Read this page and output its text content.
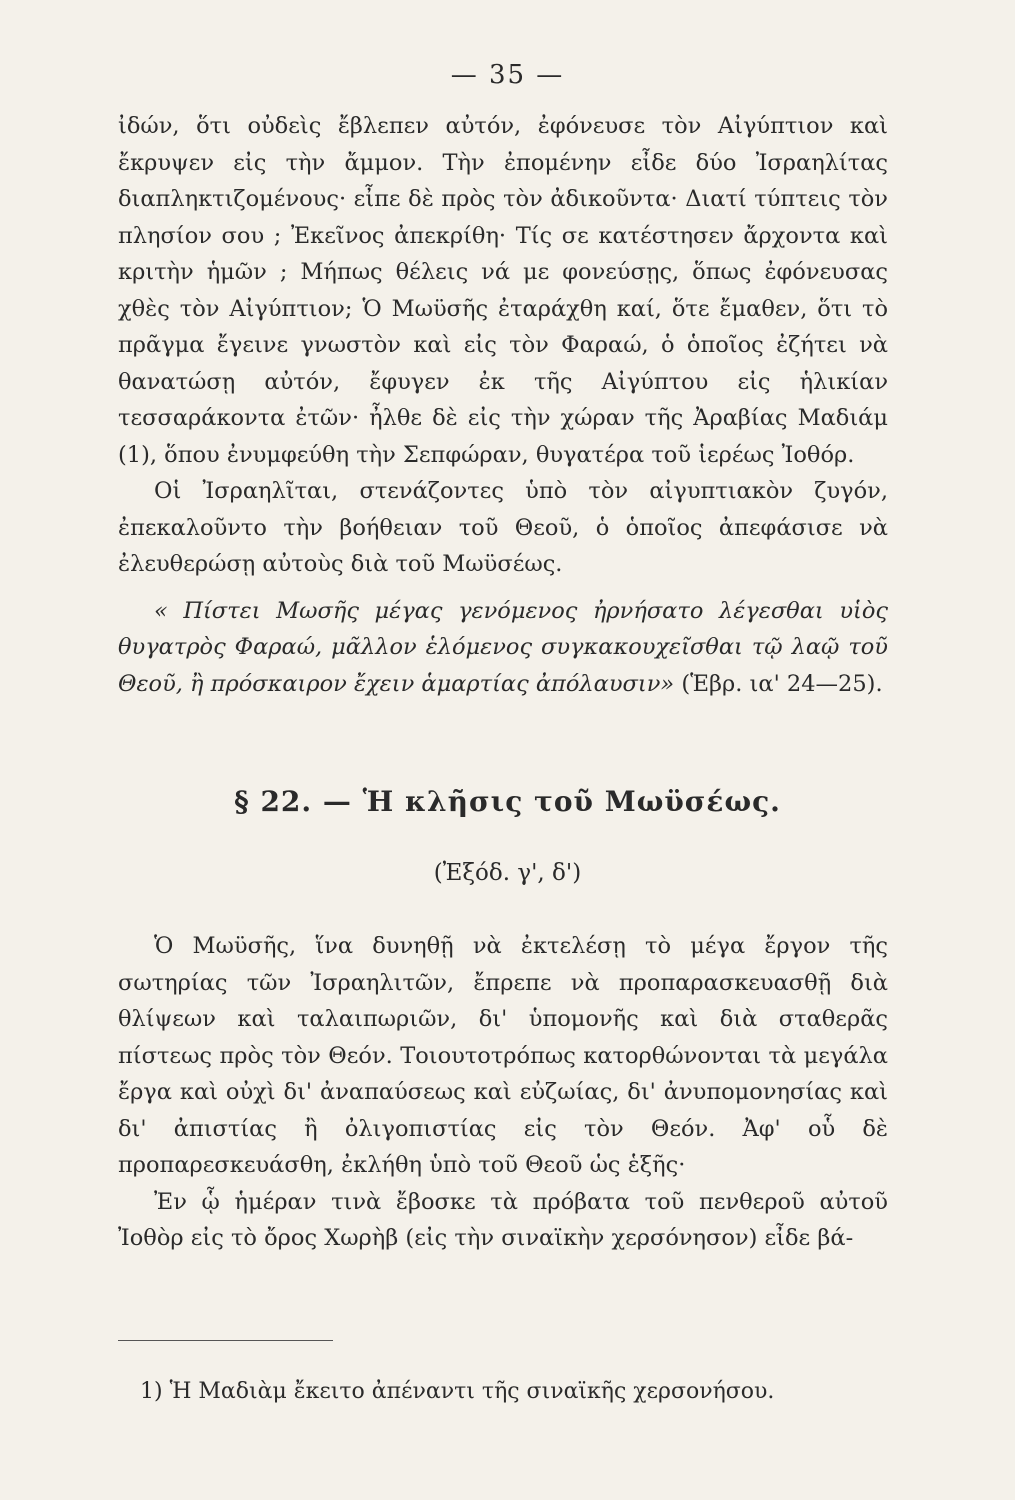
— 35 —

ἰδών, ὅτι οὐδεὶς ἔβλεπεν αὐτόν, ἐφόνευσε τὸν Αἰγύπτιον καὶ ἔκρυψεν εἰς τὴν ἄμμον. Τὴν ἐπομένην εἶδε δύο Ἰσραηλίτας διαπληκτιζομένους· εἶπε δὲ πρὸς τὸν ἀδικοῦντα· Διατί τύπτεις τὸν πλησίον σου ; Ἐκεῖνος ἀπεκρίθη· Τίς σε κατέστησεν ἄρχοντα καὶ κριτὴν ἡμῶν ; Μήπως θέλεις νά με φονεύσῃς, ὅπως ἐφόνευσας χθὲς τὸν Αἰγύπτιον; Ὁ Μωϋσῆς ἐταράχθη καί, ὅτε ἔμαθεν, ὅτι τὸ πρᾶγμα ἔγεινε γνωστὸν καὶ εἰς τὸν Φαραώ, ὁ ὁποῖος ἐζήτει νὰ θανατώσῃ αὐτόν, ἔφυγεν ἐκ τῆς Αἰγύπτου εἰς ἡλικίαν τεσσαράκοντα ἐτῶν· ἦλθε δὲ εἰς τὴν χώραν τῆς Ἀραβίας Μαδιάμ (1), ὅπου ἐνυμφεύθη τὴν Σεπφώραν, θυγατέρα τοῦ ἱερέως Ἰοθόρ.

Οἱ Ἰσραηλῖται, στενάζοντες ὑπὸ τὸν αἰγυπτιακὸν ζυγόν, ἐπεκαλοῦντο τὴν βοήθειαν τοῦ Θεοῦ, ὁ ὁποῖος ἀπεφάσισε νὰ ἐλευθερώσῃ αὐτοὺς διὰ τοῦ Μωϋσέως.

« Πίστει Μωσῆς μέγας γενόμενος ἠρνήσατο λέγεσθαι υἱὸς θυγατρὸς Φαραώ, μᾶλλον ἑλόμενος συγκακουχεῖσθαι τῷ λαῷ τοῦ Θεοῦ, ἢ πρόσκαιρον ἔχειν ἁμαρτίας ἀπόλαυσιν» (Ἑβρ. ια' 24—25).

§ 22. — Ἡ κλῆσις τοῦ Μωϋσέως.
(Ἐξόδ. γ', δ')

Ὁ Μωϋσῆς, ἵνα δυνηθῇ νὰ ἐκτελέσῃ τὸ μέγα ἔργον τῆς σωτηρίας τῶν Ἰσραηλιτῶν, ἔπρεπε νὰ προπαρασκευασθῇ διὰ θλίψεων καὶ ταλαιπωριῶν, δι' ὑπομονῆς καὶ διὰ σταθερᾶς πίστεως πρὸς τὸν Θεόν. Τοιουτοτρόπως κατορθώνονται τὰ μεγάλα ἔργα καὶ οὐχὶ δι' ἀναπαύσεως καὶ εὐζωίας, δι' ἀνυπομονησίας καὶ δι' ἀπιστίας ἢ ὀλιγοπιστίας εἰς τὸν Θεόν. Ἀφ' οὗ δὲ προπαρεσκευάσθη, ἐκλήθη ὑπὸ τοῦ Θεοῦ ὡς ἑξῆς·

Ἐν ᾧ ἡμέραν τινὰ ἔβοσκε τὰ πρόβατα τοῦ πενθεροῦ αὐτοῦ Ἰοθὸρ εἰς τὸ ὄρος Χωρὴβ (εἰς τὴν σιναϊκὴν χερσόνησον) εἶδε βά-

1) Ἡ Μαδιὰμ ἔκειτο ἀπέναντι τῆς σιναϊκῆς χερσονήσου.
